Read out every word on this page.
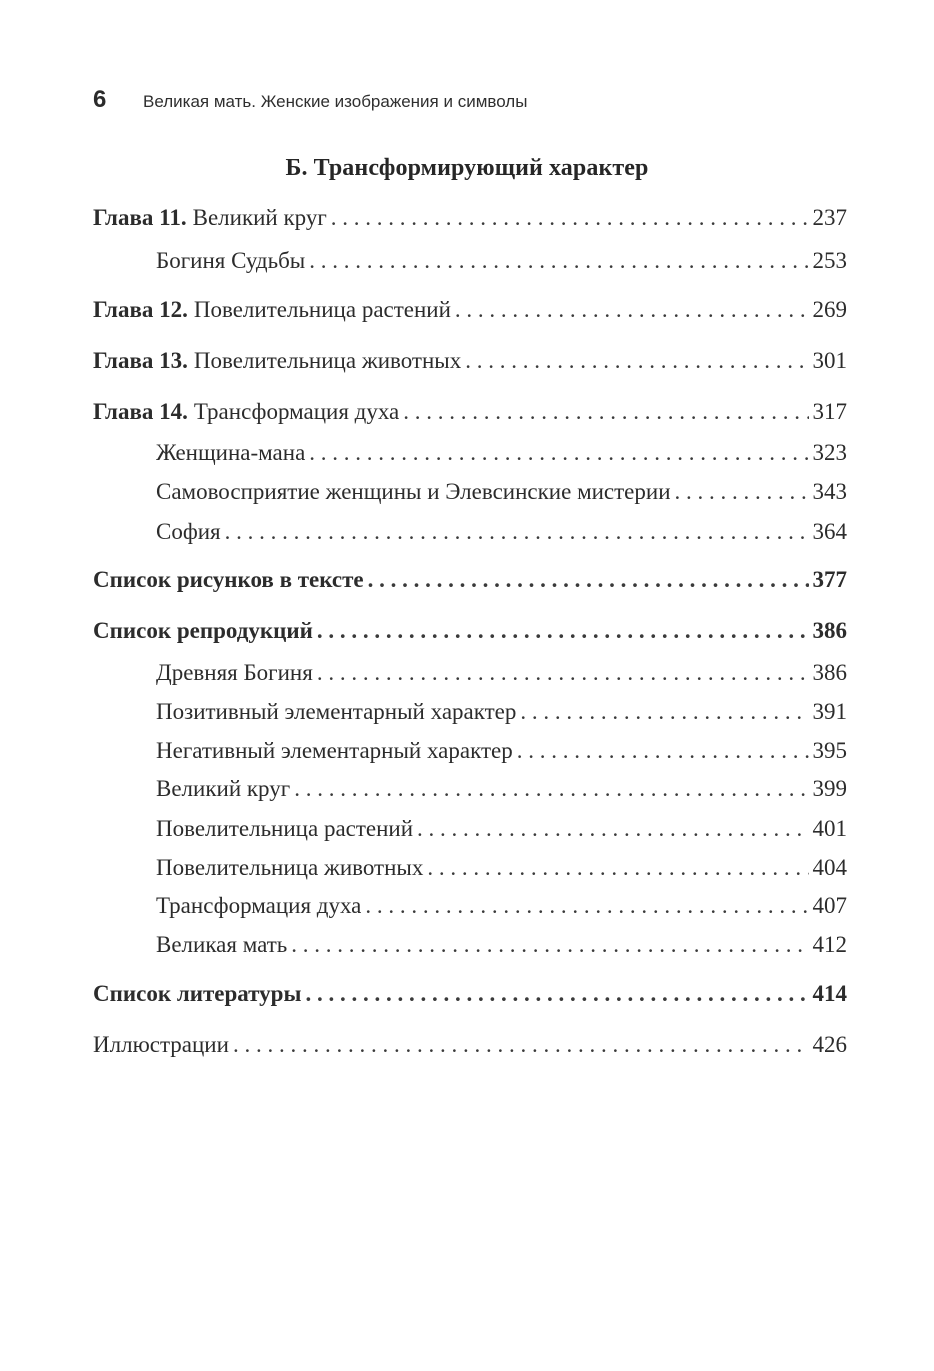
6	Великая мать. Женские изображения и символы
Б. Трансформирующий характер
Глава 11. Великий круг . . .	237
Богиня Судьбы . . .	253
Глава 12. Повелительница растений . . .	269
Глава 13. Повелительница животных . . .	301
Глава 14. Трансформация духа . . .	317
Женщина-мана . . .	323
Самовосприятие женщины и Элевсинские мистерии . . .	343
София . . .	364
Список рисунков в тексте . . .	377
Список репродукций . . .	386
Древняя Богиня . . .	386
Позитивный элементарный характер . . .	391
Негативный элементарный характер . . .	395
Великий круг . . .	399
Повелительница растений . . .	401
Повелительница животных . . .	404
Трансформация духа . . .	407
Великая мать . . .	412
Список литературы . . .	414
Иллюстрации . . .	426
